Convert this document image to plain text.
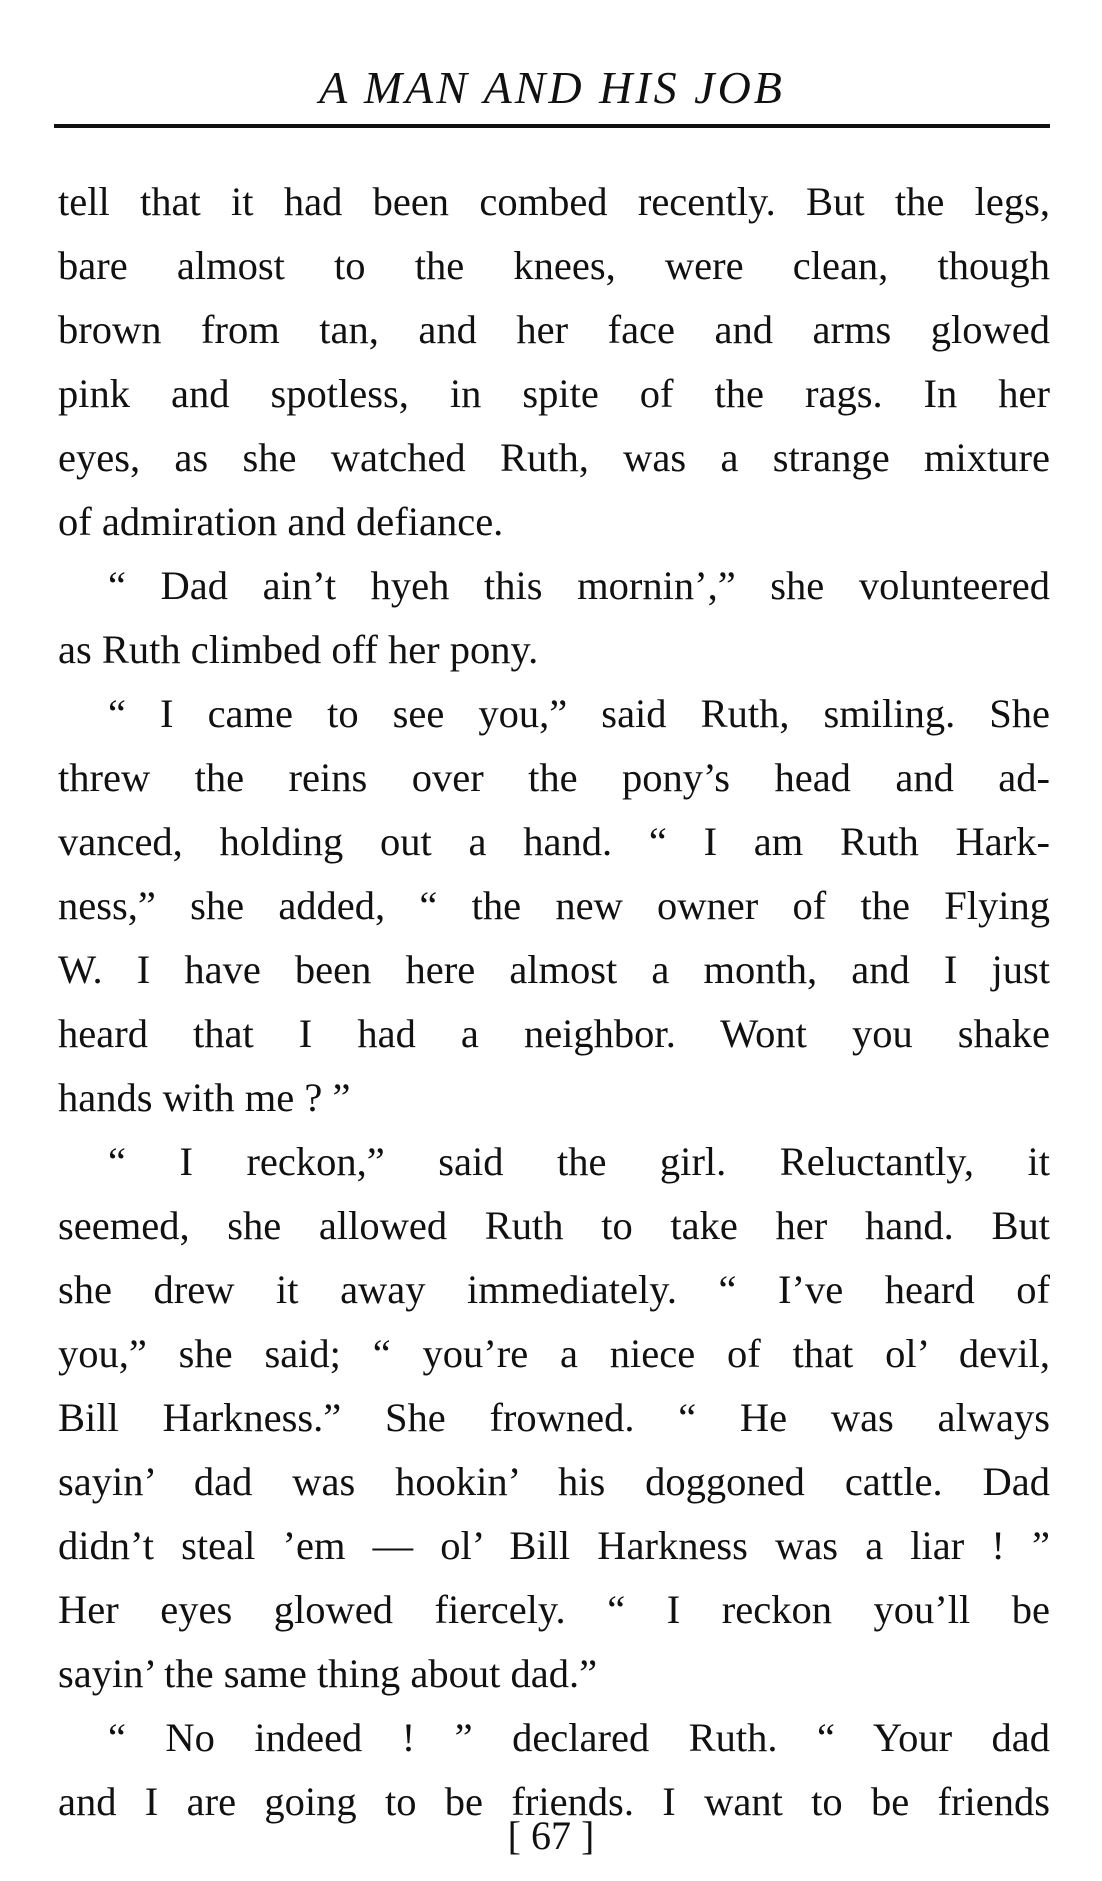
A MAN AND HIS JOB

tell that it had been combed recently. But the legs,
bare almost to the knees, were clean, though
brown from tan, and her face and arms glowed
pink and spotless, in spite of the rags. In her
eyes, as she watched Ruth, was a strange mixture
of admiration and defiance.

“ Dad ain’t hyeh this mornin’,” she volunteered
as Ruth climbed off her pony.

“ I came to see you,” said Ruth, smiling. She
threw the reins over the pony’s head and ad-
vanced, holding out a hand. “ I am Ruth Hark-
ness,” she added, “ the new owner of the Flying
W. I have been here almost a month, and I just
heard that I had a neighbor. Wont you shake
hands with me ? ”

“ I reckon,” said the girl. Reluctantly, it
seemed, she allowed Ruth to take her hand. But
she drew it away immediately. “ I’ve heard of
you,” she said; “ you’re a niece of that ol’ devil,
Bill Harkness.” She frowned. “ He was always
sayin’ dad was hookin’ his doggoned cattle. Dad
didn’t steal ’em — ol’ Bill Harkness was a liar ! ”
Her eyes glowed fiercely. “ I reckon you’ll be
sayin’ the same thing about dad.”

“ No indeed ! ” declared Ruth. “ Your dad
and I are going to be friends. I want to be friends

[ 67 ]
